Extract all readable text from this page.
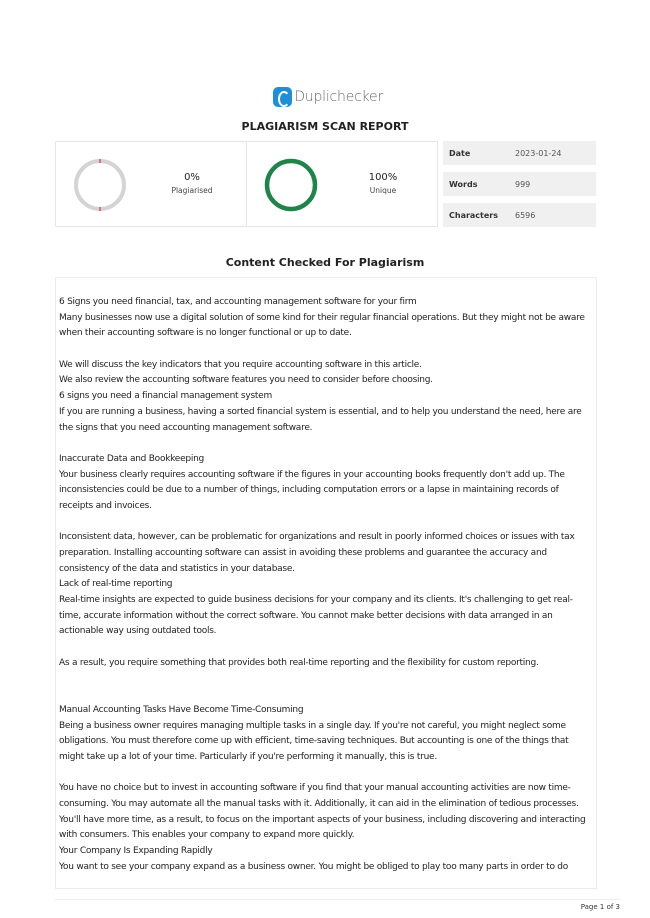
Duplichecker
PLAGIARISM SCAN REPORT
0%
Plagiarised
100%
Unique
Date	2023-01-24
Words	999
Characters	6596
Content Checked For Plagiarism
6 Signs you need financial, tax, and accounting management software for your firm
Many businesses now use a digital solution of some kind for their regular financial operations. But they might not be aware
when their accounting software is no longer functional or up to date.
We will discuss the key indicators that you require accounting software in this article.
We also review the accounting software features you need to consider before choosing.
6 signs you need a financial management system
If you are running a business, having a sorted financial system is essential, and to help you understand the need, here are
the signs that you need accounting management software.
Inaccurate Data and Bookkeeping
Your business clearly requires accounting software if the figures in your accounting books frequently don't add up. The
inconsistencies could be due to a number of things, including computation errors or a lapse in maintaining records of
receipts and invoices.
Inconsistent data, however, can be problematic for organizations and result in poorly informed choices or issues with tax
preparation. Installing accounting software can assist in avoiding these problems and guarantee the accuracy and
consistency of the data and statistics in your database.
Lack of real-time reporting
Real-time insights are expected to guide business decisions for your company and its clients. It's challenging to get real-
time, accurate information without the correct software. You cannot make better decisions with data arranged in an
actionable way using outdated tools.
As a result, you require something that provides both real-time reporting and the flexibility for custom reporting.
Manual Accounting Tasks Have Become Time-Consuming
Being a business owner requires managing multiple tasks in a single day. If you're not careful, you might neglect some
obligations. You must therefore come up with efficient, time-saving techniques. But accounting is one of the things that
might take up a lot of your time. Particularly if you're performing it manually, this is true.
You have no choice but to invest in accounting software if you find that your manual accounting activities are now time-
consuming. You may automate all the manual tasks with it. Additionally, it can aid in the elimination of tedious processes.
You'll have more time, as a result, to focus on the important aspects of your business, including discovering and interacting
with consumers. This enables your company to expand more quickly.
Your Company Is Expanding Rapidly
You want to see your company expand as a business owner. You might be obliged to play too many parts in order to do
Page 1 of 3
